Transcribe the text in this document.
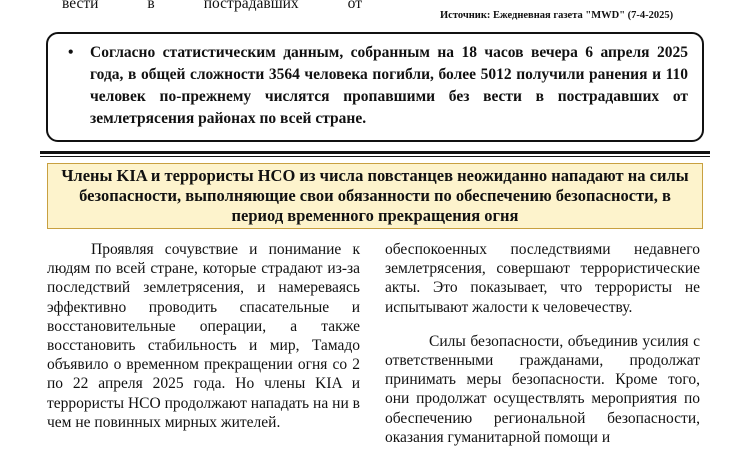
вести	в	пострадавших	от
Источник: Ежедневная газета "MWD" (7-4-2025)
• Согласно статистическим данным, собранным на 18 часов вечера 6 апреля 2025 года, в общей сложности 3564 человека погибли, более 5012 получили ранения и 110 человек по-прежнему числятся пропавшими без вести в пострадавших от землетрясения районах по всей стране.
Члены KIA и террористы НСО из числа повстанцев неожиданно нападают на силы безопасности, выполняющие свои обязанности по обеспечению безопасности, в период временного прекращения огня

Проявляя сочувствие и понимание к людям по всей стране, которые страдают из-за последствий землетрясения, и намереваясь эффективно проводить спасательные и восстановительные операции, а также восстановить стабильность и мир, Тамадо объявило о временном прекращении огня со 2 по 22 апреля 2025 года. Но члены KIA и террористы НСО продолжают нападать на ни в чем не повинных мирных жителей.

обеспокоенных последствиями недавнего землетрясения, совершают террористические акты. Это показывает, что террористы не испытывают жалости к человечеству.

Силы безопасности, объединив усилия с ответственными гражданами, продолжат принимать меры безопасности. Кроме того, они продолжат осуществлять мероприятия по обеспечению региональной безопасности, оказания гуманитарной помощи и
